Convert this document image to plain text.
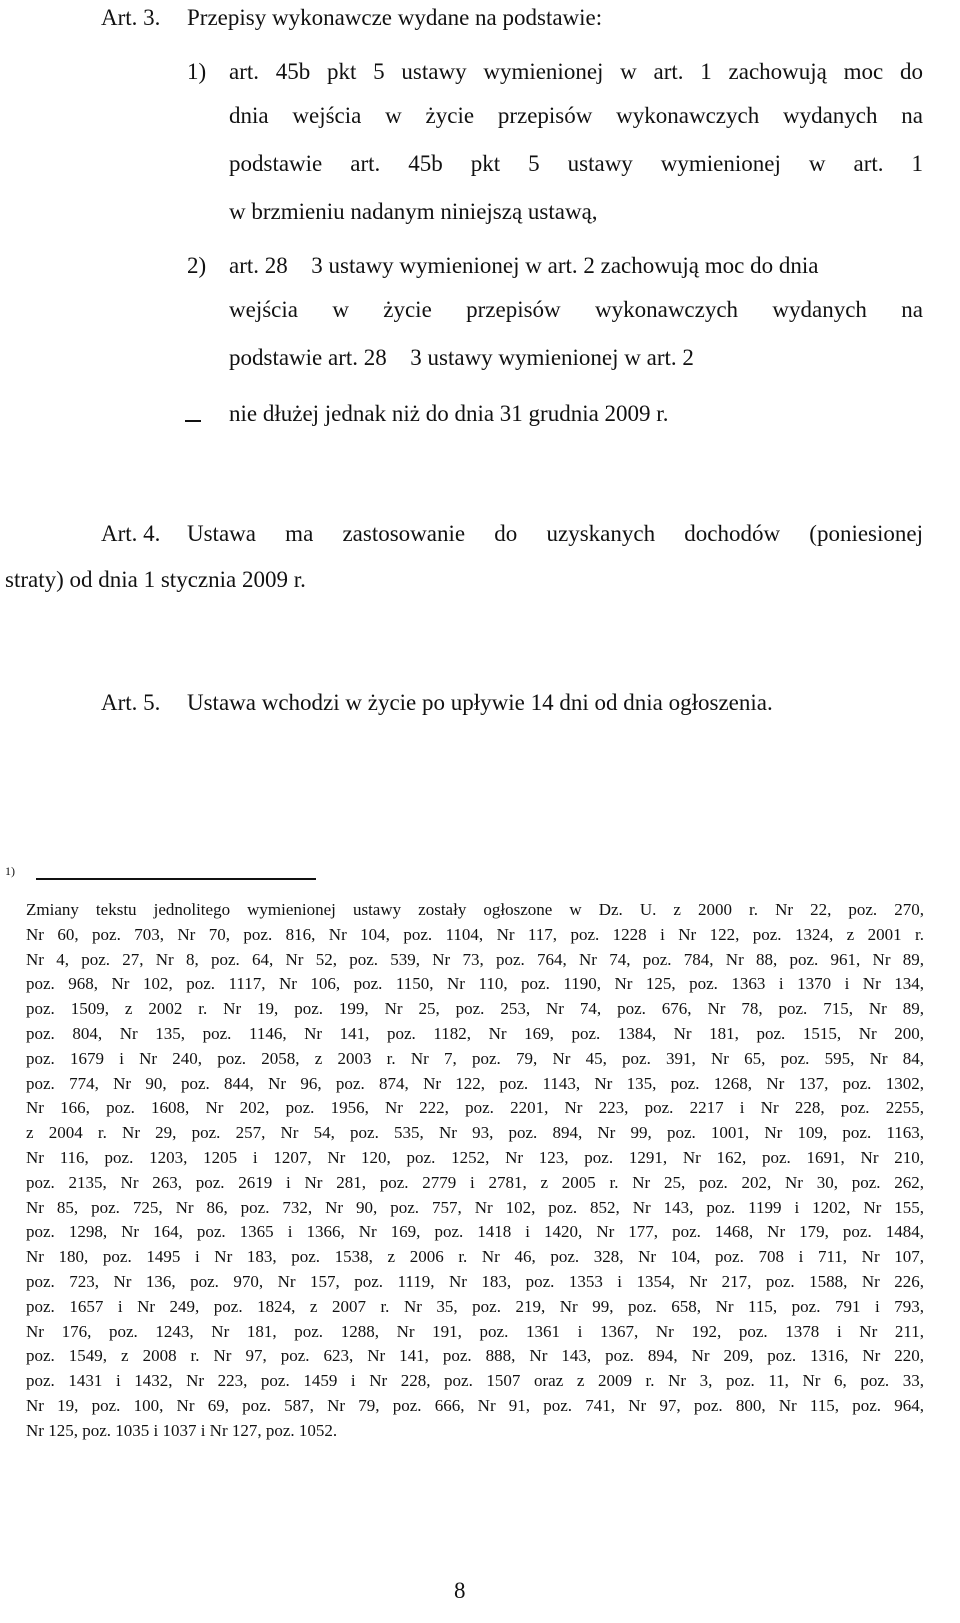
Art. 3. Przepisy wykonawcze wydane na podstawie:
1) art. 45b pkt 5 ustawy wymienionej w art. 1 zachowują moc do
dnia wejścia w życie przepisów wykonawczych wydanych na
podstawie art. 45b pkt 5 ustawy wymienionej w art. 1
w brzmieniu nadanym niniejszą ustawą,
2) art. 28 3 ustawy wymienionej w art. 2 zachowują moc do dnia
wejścia w życie przepisów wykonawczych wydanych na
podstawie art. 28 3 ustawy wymienionej w art. 2
nie dłużej jednak niż do dnia 31 grudnia 2009 r.
Art. 4. Ustawa ma zastosowanie do uzyskanych dochodów (poniesionej
straty) od dnia 1 stycznia 2009 r.
Art. 5. Ustawa wchodzi w życie po upływie 14 dni od dnia ogłoszenia.
1)
Zmiany tekstu jednolitego wymienionej ustawy zostały ogłoszone w Dz. U. z 2000 r. Nr 22, poz. 270,
Nr 60, poz. 703, Nr 70, poz. 816, Nr 104, poz. 1104, Nr 117, poz. 1228 i Nr 122, poz. 1324, z 2001 r.
Nr 4, poz. 27, Nr 8, poz. 64, Nr 52, poz. 539, Nr 73, poz. 764, Nr 74, poz. 784, Nr 88, poz. 961, Nr 89,
poz. 968, Nr 102, poz. 1117, Nr 106, poz. 1150, Nr 110, poz. 1190, Nr 125, poz. 1363 i 1370 i Nr 134,
poz. 1509, z 2002 r. Nr 19, poz. 199, Nr 25, poz. 253, Nr 74, poz. 676, Nr 78, poz. 715, Nr 89,
poz. 804, Nr 135, poz. 1146, Nr 141, poz. 1182, Nr 169, poz. 1384, Nr 181, poz. 1515, Nr 200,
poz. 1679 i Nr 240, poz. 2058, z 2003 r. Nr 7, poz. 79, Nr 45, poz. 391, Nr 65, poz. 595, Nr 84,
poz. 774, Nr 90, poz. 844, Nr 96, poz. 874, Nr 122, poz. 1143, Nr 135, poz. 1268, Nr 137, poz. 1302,
Nr 166, poz. 1608, Nr 202, poz. 1956, Nr 222, poz. 2201, Nr 223, poz. 2217 i Nr 228, poz. 2255,
z 2004 r. Nr 29, poz. 257, Nr 54, poz. 535, Nr 93, poz. 894, Nr 99, poz. 1001, Nr 109, poz. 1163,
Nr 116, poz. 1203, 1205 i 1207, Nr 120, poz. 1252, Nr 123, poz. 1291, Nr 162, poz. 1691, Nr 210,
poz. 2135, Nr 263, poz. 2619 i Nr 281, poz. 2779 i 2781, z 2005 r. Nr 25, poz. 202, Nr 30, poz. 262,
Nr 85, poz. 725, Nr 86, poz. 732, Nr 90, poz. 757, Nr 102, poz. 852, Nr 143, poz. 1199 i 1202, Nr 155,
poz. 1298, Nr 164, poz. 1365 i 1366, Nr 169, poz. 1418 i 1420, Nr 177, poz. 1468, Nr 179, poz. 1484,
Nr 180, poz. 1495 i Nr 183, poz. 1538, z 2006 r. Nr 46, poz. 328, Nr 104, poz. 708 i 711, Nr 107,
poz. 723, Nr 136, poz. 970, Nr 157, poz. 1119, Nr 183, poz. 1353 i 1354, Nr 217, poz. 1588, Nr 226,
poz. 1657 i Nr 249, poz. 1824, z 2007 r. Nr 35, poz. 219, Nr 99, poz. 658, Nr 115, poz. 791 i 793,
Nr 176, poz. 1243, Nr 181, poz. 1288, Nr 191, poz. 1361 i 1367, Nr 192, poz. 1378 i Nr 211,
poz. 1549, z 2008 r. Nr 97, poz. 623, Nr 141, poz. 888, Nr 143, poz. 894, Nr 209, poz. 1316, Nr 220,
poz. 1431 i 1432, Nr 223, poz. 1459 i Nr 228, poz. 1507 oraz z 2009 r. Nr 3, poz. 11, Nr 6, poz. 33,
Nr 19, poz. 100, Nr 69, poz. 587, Nr 79, poz. 666, Nr 91, poz. 741, Nr 97, poz. 800, Nr 115, poz. 964,
Nr 125, poz. 1035 i 1037 i Nr 127, poz. 1052.
8
